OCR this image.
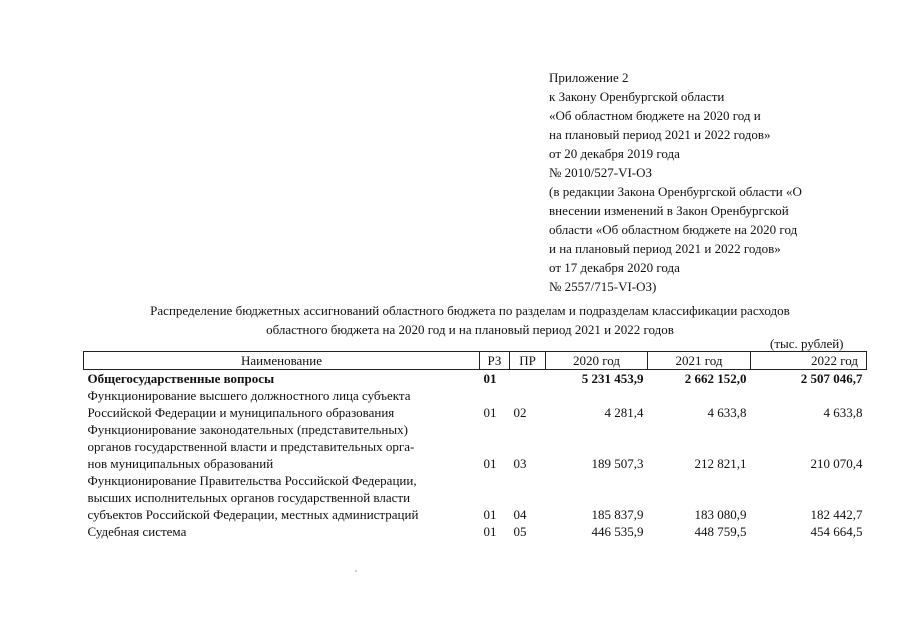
Приложение 2
к Закону Оренбургской области
«Об областном бюджете на 2020 год и
на плановый период 2021 и 2022 годов»
от 20 декабря 2019 года
№ 2010/527-VI-ОЗ
(в редакции Закона Оренбургской области «О
внесении изменений в Закон Оренбургской
области «Об областном бюджете на 2020 год
и на плановый период 2021 и 2022 годов»
от 17 декабря 2020 года
№ 2557/715-VI-ОЗ)
Распределение бюджетных ассигнований областного бюджета по разделам и подразделам классификации расходов
областного бюджета на 2020 год и на плановый период 2021 и 2022 годов
(тыс. рублей)
Наименование	РЗ	ПР	2020 год	2021 год	2022 год

Общегосударственные вопросы	01		5 231 453,9	2 662 152,0	2 507 046,7

Функционирование высшего должностного лица субъекта
Российской Федерации и муниципального образования	01	02	4 281,4	4 633,8	4 633,8

Функционирование законодательных (представительных)
органов государственной власти и представительных орга-
нов муниципальных образований	01	03	189 507,3	212 821,1	210 070,4

Функционирование Правительства Российской Федерации,
высших исполнительных органов государственной власти
субъектов Российской Федерации, местных администраций	01	04	185 837,9	183 080,9	182 442,7

Судебная система	01	05	446 535,9	448 759,5	454 664,5
